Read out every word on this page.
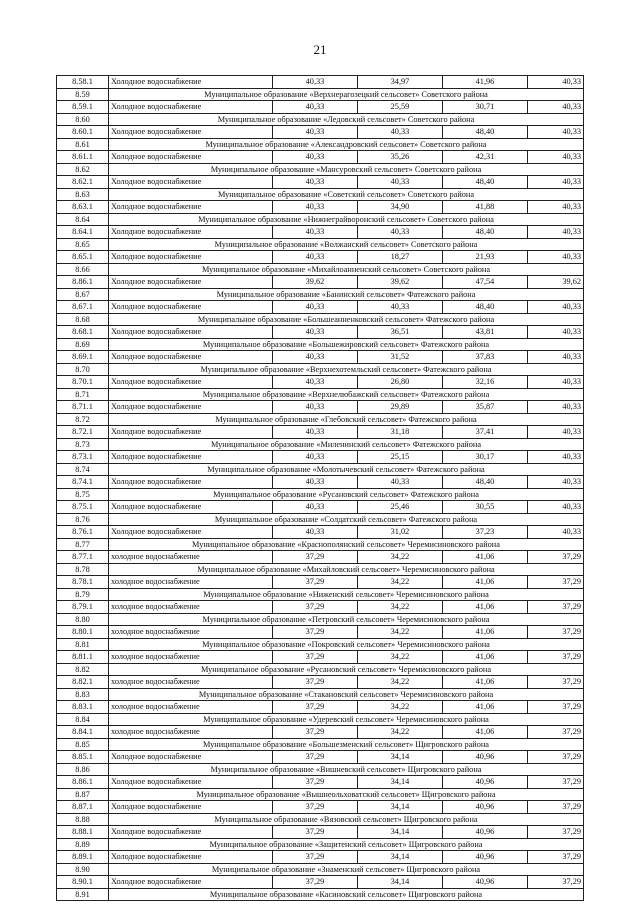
21
8.58.1	Холодное водоснабжение	40,33	34,97	41,96	40,33
8.59	Муниципальное образование «Верхнерагозецкий сельсовет» Советского района				
8.59.1	Холодное водоснабжение	40,33	25,59	30,71	40,33
8.60	Муниципальное образование «Ледовский сельсовет» Советского района				
8.60.1	Холодное водоснабжение	40,33	40,33	48,40	40,33
8.61	Муниципальное образование «Александровский сельсовет» Советского района				
8.61.1	Холодное водоснабжение	40,33	35,26	42,31	40,33
8.62	Муниципальное образование «Мансуровский сельсовет» Советского района				
8.62.1	Холодное водоснабжение	40,33	40,33	48,40	40,33
8.63	Муниципальное образование «Советский сельсовет» Советского района				
8.63.1	Холодное водоснабжение	40,33	34,90	41,88	40,33
8.64	Муниципальное образование «Нижнеграйворонский сельсовет» Советского района				
8.64.1	Холодное водоснабжение	40,33	40,33	48,40	40,33
8.65	Муниципальное образование «Волжанский сельсовет» Советского района				
8.65.1	Холодное водоснабжение	40,33	18,27	21,93	40,33
8.66	Муниципальное образование «Михайлоанненский сельсовет» Советского района				
8.86.1	Холодное водоснабжение	39,62	39,62	47,54	39,62
8.67	Муниципальное образование «Банинский сельсовет» Фатежского района				
8.67.1	Холодное водоснабжение	40,33	40,33	48,40	40,33
8.68	Муниципальное образование «Большеанненковский сельсовет» Фатежского района				
8.68.1	Холодное водоснабжение	40,33	36,51	43,81	40,33
8.69	Муниципальное образование «Большежировский сельсовет» Фатежского района				
8.69.1	Холодное водоснабжение	40,33	31,52	37,83	40,33
8.70	Муниципальное образование «Верхнехотемльский сельсовет» Фатежского района				
8.70.1	Холодное водоснабжение	40,33	26,80	32,16	40,33
8.71	Муниципальное образование «Верхнелюбажский сельсовет» Фатежского района				
8.71.1	Холодное водоснабжение	40,33	29,89	35,87	40,33
8.72	Муниципальное образование «Глебовский сельсовет» Фатежского района				
8.72.1	Холодное водоснабжение	40,33	31,18	37,41	40,33
8.73	Муниципальное образование «Миленинский сельсовет» Фатежского района				
8.73.1	Холодное водоснабжение	40,33	25,15	30,17	40,33
8.74	Муниципальное образование «Молотычевский сельсовет» Фатежского района				
8.74.1	Холодное водоснабжение	40,33	40,33	48,40	40,33
8.75	Муниципальное образование «Русановский сельсовет» Фатежского района				
8.75.1	Холодное водоснабжение	40,33	25,46	30,55	40,33
8.76	Муниципальное образование «Солдатский сельсовет» Фатежского района				
8.76.1	Холодное водоснабжение	40,33	31,02	37,23	40,33
8.77	Муниципальное образование «Краснополянский сельсовет» Черемисиновского района				
8.77.1	холодное водоснабжение	37,29	34,22	41,06	37,29
8.78	Муниципальное образование «Михайловский сельсовет» Черемисиновского района				
8.78.1	холодное водоснабжение	37,29	34,22	41,06	37,29
8.79	Муниципальное образование «Ниженский сельсовет» Черемисиновского района				
8.79.1	холодное водоснабжение	37,29	34,22	41,06	37,29
8.80	Муниципальное образование «Петровский сельсовет» Черемисиновского района				
8.80.1	холодное водоснабжение	37,29	34,22	41,06	37,29
8.81	Муниципальное образование «Покровский сельсовет» Черемисиновского района				
8.81.1	холодное водоснабжение	37,29	34,22	41,06	37,29
8.82	Муниципальное образование «Русановский сельсовет» Черемисиновского района				
8.82.1	холодное водоснабжение	37,29	34,22	41,06	37,29
8.83	Муниципальное образование «Стакановский сельсовет» Черемисиновского района				
8.83.1	холодное водоснабжение	37,29	34,22	41,06	37,29
8.84	Муниципальное образование «Удеревский сельсовет» Черемисиновского района				
8.84.1	холодное водоснабжение	37,29	34,22	41,06	37,29
8.85	Муниципальное образование «Большезменский сельсовет» Щигровского района				
8.85.1	Холодное водоснабжение	37,29	34,14	40,96	37,29
8.86	Муниципальное образование «Вишневский сельсовет» Щигровского района				
8.86.1	Холодное водоснабжение	37,29	34,14	40,96	37,29
8.87	Муниципальное образование «Вышнеольховатский сельсовет» Щигровского района				
8.87.1	Холодное водоснабжение	37,29	34,14	40,96	37,29
8.88	Муниципальное образование «Вязовский сельсовет» Щигровского района				
8.88.1	Холодное водоснабжение	37,29	34,14	40,96	37,29
8.89	Муниципальное образование «Защитенский сельсовет» Щигровского района				
8.89.1	Холодное водоснабжение	37,29	34,14	40,96	37,29
8.90	Муниципальное образование «Знаменский сельсовет» Щигровского района				
8.90.1	Холодное водоснабжение	37,29	34,14	40,96	37,29
8.91	Муниципальное образование «Касиновский сельсовет» Щигровского района				
